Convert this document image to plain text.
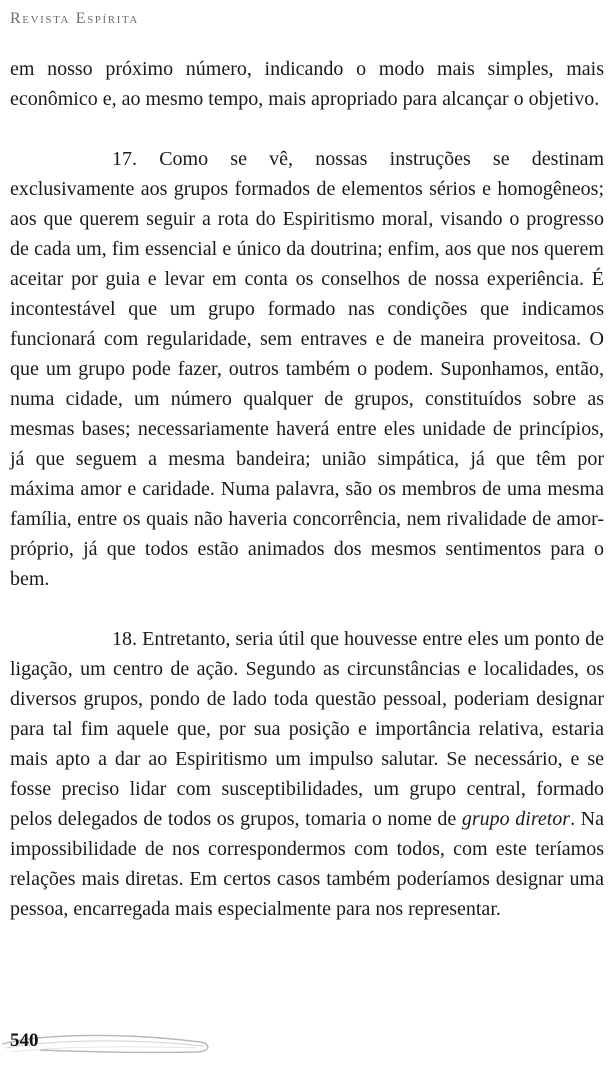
Revista Espírita

em nosso próximo número, indicando o modo mais simples, mais econômico e, ao mesmo tempo, mais apropriado para alcançar o objetivo.

17. Como se vê, nossas instruções se destinam exclusivamente aos grupos formados de elementos sérios e homogêneos; aos que querem seguir a rota do Espiritismo moral, visando o progresso de cada um, fim essencial e único da doutrina; enfim, aos que nos querem aceitar por guia e levar em conta os conselhos de nossa experiência. É incontestável que um grupo formado nas condições que indicamos funcionará com regularidade, sem entraves e de maneira proveitosa. O que um grupo pode fazer, outros também o podem. Suponhamos, então, numa cidade, um número qualquer de grupos, constituídos sobre as mesmas bases; necessariamente haverá entre eles unidade de princípios, já que seguem a mesma bandeira; união simpática, já que têm por máxima amor e caridade. Numa palavra, são os membros de uma mesma família, entre os quais não haveria concorrência, nem rivalidade de amor-próprio, já que todos estão animados dos mesmos sentimentos para o bem.

18. Entretanto, seria útil que houvesse entre eles um ponto de ligação, um centro de ação. Segundo as circunstâncias e localidades, os diversos grupos, pondo de lado toda questão pessoal, poderiam designar para tal fim aquele que, por sua posição e importância relativa, estaria mais apto a dar ao Espiritismo um impulso salutar. Se necessário, e se fosse preciso lidar com susceptibilidades, um grupo central, formado pelos delegados de todos os grupos, tomaria o nome de grupo diretor. Na impossibilidade de nos correspondermos com todos, com este teríamos relações mais diretas. Em certos casos também poderíamos designar uma pessoa, encarregada mais especialmente para nos representar.

540
